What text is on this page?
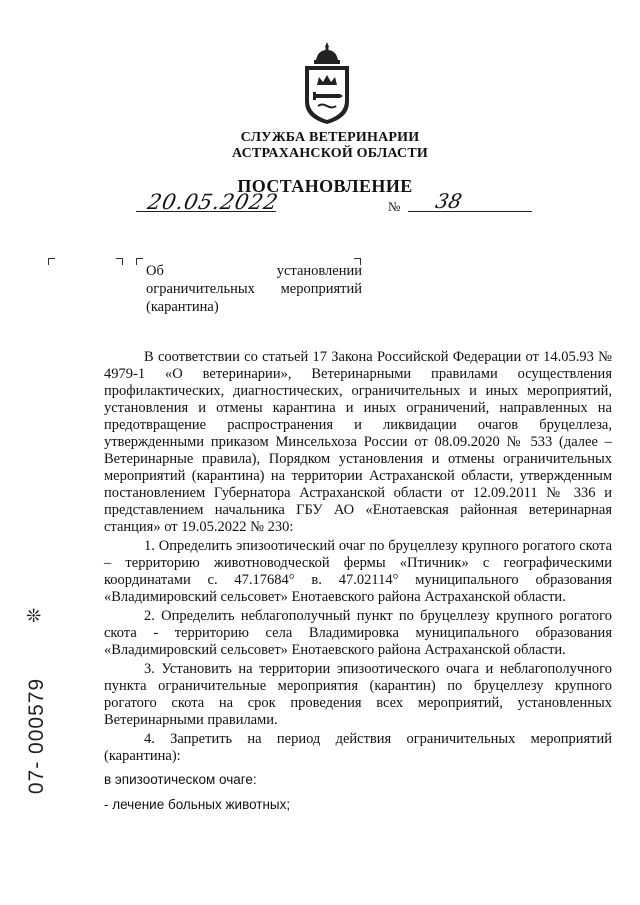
СЛУЖБА ВЕТЕРИНАРИИ
АСТРАХАНСКОЙ ОБЛАСТИ
ПОСТАНОВЛЕНИЕ
20.05.2022	№ 38
Об установлении ограничительных мероприятий (карантина)

В соответствии со статьей 17 Закона Российской Федерации от 14.05.93 № 4979-1 «О ветеринарии», Ветеринарными правилами осуществления профилактических, диагностических, ограничительных и иных мероприятий, установления и отмены карантина и иных ограничений, направленных на предотвращение распространения и ликвидации очагов бруцеллеза, утвержденными приказом Минсельхоза России от 08.09.2020 № 533 (далее – Ветеринарные правила), Порядком установления и отмены ограничительных мероприятий (карантина) на территории Астраханской области, утвержденным постановлением Губернатора Астраханской области от 12.09.2011 № 336 и представлением начальника ГБУ АО «Енотаевская районная ветеринарная станция» от 19.05.2022 № 230:

1. Определить эпизоотический очаг по бруцеллезу крупного рогатого скота – территорию животноводческой фермы «Птичник» с географическими координатами с. 47.17684° в. 47.02114° муниципального образования «Владимировский сельсовет» Енотаевского района Астраханской области.

2. Определить неблагополучный пункт по бруцеллезу крупного рогатого скота - территорию села Владимировка муниципального образования «Владимировский сельсовет» Енотаевского района Астраханской области.

3. Установить на территории эпизоотического очага и неблагополучного пункта ограничительные мероприятия (карантин) по бруцеллезу крупного рогатого скота на срок проведения всех мероприятий, установленных Ветеринарными правилами.

4. Запретить на период действия ограничительных мероприятий (карантина):

в эпизоотическом очаге:

- лечение больных животных;

❊
07- 000579
